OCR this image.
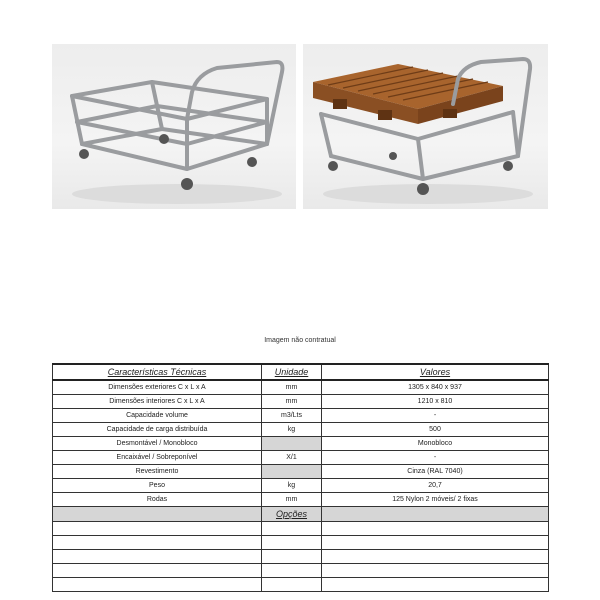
Imagem não contratual
Características Técnicas	Unidade	Valores
Dimensões exteriores C x L x A	mm	1305 x 840 x 937
Dimensões interiores C x L x A	mm	1210 x 810
Capacidade volume	m3/Lts	-
Capacidade de carga distribuída	kg	500
Desmontável / Monobloco		Monobloco
Encaixável / Sobreponível	X/1	-
Revestimento		Cinza (RAL 7040)
Peso	kg	20,7
Rodas	mm	125 Nylon 2 móveis/ 2 fixas
	Opções	
